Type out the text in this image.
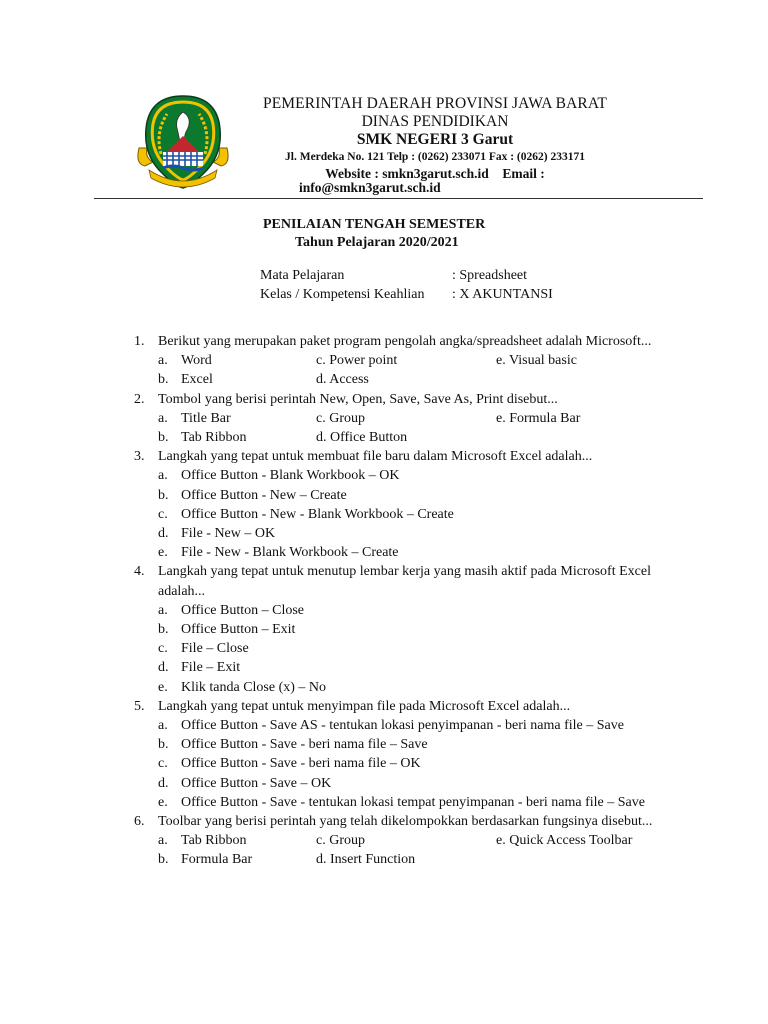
PEMERINTAH DAERAH PROVINSI JAWA BARAT
DINAS PENDIDIKAN
SMK NEGERI 3 Garut
Jl. Merdeka No. 121 Telp : (0262) 233071 Fax : (0262) 233171
Website : smkn3garut.sch.id    Email :
info@smkn3garut.sch.id
PENILAIAN TENGAH SEMESTER
Tahun Pelajaran 2020/2021
Mata Pelajaran	: Spreadsheet
Kelas / Kompetensi Keahlian	: X AKUNTANSI
1. Berikut yang merupakan paket program pengolah angka/spreadsheet adalah Microsoft...
a. Word	c. Power point	e. Visual basic
b. Excel	d. Access
2. Tombol yang berisi perintah New, Open, Save, Save As, Print disebut...
a. Title Bar	c. Group	e. Formula Bar
b. Tab Ribbon	d. Office Button
3. Langkah yang tepat untuk membuat file baru dalam Microsoft Excel adalah...
a. Office Button - Blank Workbook – OK
b. Office Button - New – Create
c. Office Button - New - Blank Workbook – Create
d. File - New – OK
e. File - New - Blank Workbook – Create
4. Langkah yang tepat untuk menutup lembar kerja yang masih aktif pada Microsoft Excel adalah...
a. Office Button – Close
b. Office Button – Exit
c. File – Close
d. File – Exit
e. Klik tanda Close (x) – No
5. Langkah yang tepat untuk menyimpan file pada Microsoft Excel adalah...
a. Office Button - Save AS - tentukan lokasi penyimpanan - beri nama file – Save
b. Office Button - Save - beri nama file – Save
c. Office Button - Save - beri nama file – OK
d. Office Button - Save – OK
e. Office Button - Save - tentukan lokasi tempat penyimpanan - beri nama file – Save
6. Toolbar yang berisi perintah yang telah dikelompokkan berdasarkan fungsinya disebut...
a. Tab Ribbon	c. Group	e. Quick Access Toolbar
b. Formula Bar	d. Insert Function
